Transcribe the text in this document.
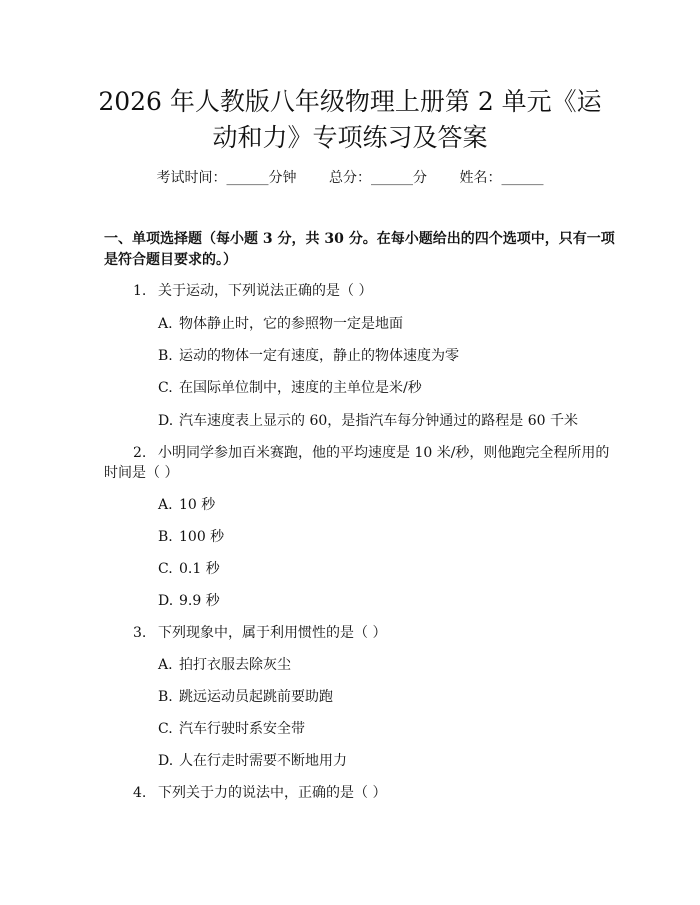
2026 年人教版八年级物理上册第 2 单元《运
动和力》专项练习及答案
考试时间：______分钟　　 总分：______分　　 姓名：______
一、单项选择题（每小题 3 分，共 30 分。在每小题给出的四个选项中，只有一项
是符合题目要求的。）
1. 关于运动，下列说法正确的是（ ）
A. 物体静止时，它的参照物一定是地面
B. 运动的物体一定有速度，静止的物体速度为零
C. 在国际单位制中，速度的主单位是米/秒
D. 汽车速度表上显示的 60，是指汽车每分钟通过的路程是 60 千米
2. 小明同学参加百米赛跑，他的平均速度是 10 米/秒，则他跑完全程所用的
时间是（ ）
A. 10 秒
B. 100 秒
C. 0.1 秒
D. 9.9 秒
3. 下列现象中，属于利用惯性的是（ ）
A. 拍打衣服去除灰尘
B. 跳远运动员起跳前要助跑
C. 汽车行驶时系安全带
D. 人在行走时需要不断地用力
4. 下列关于力的说法中，正确的是（ ）
